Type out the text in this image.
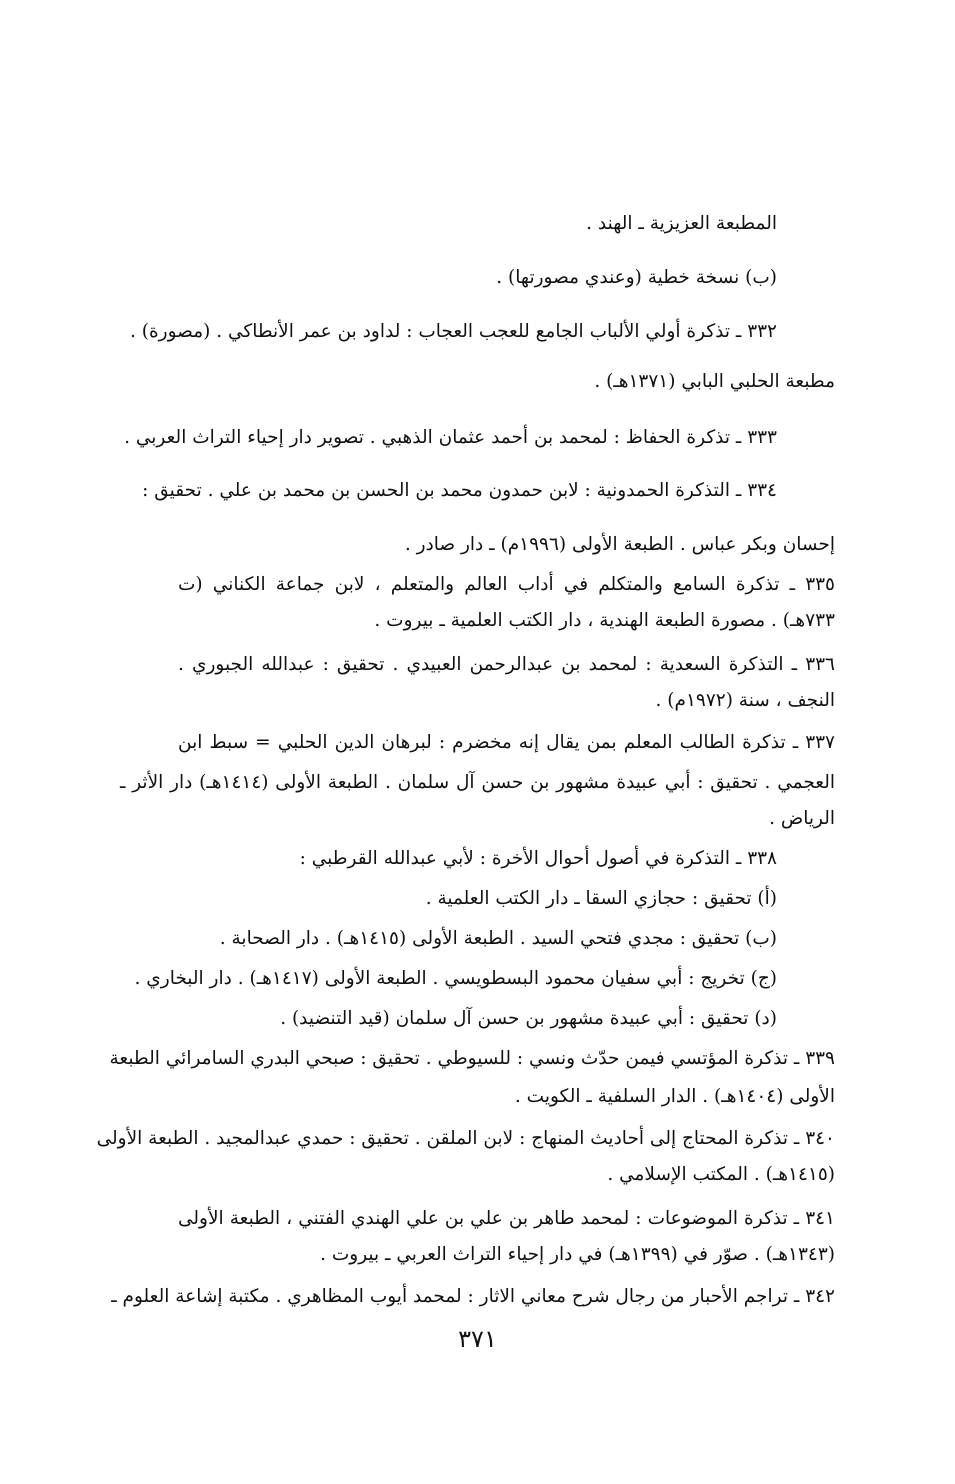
المطبعة العزيزية ـ الهند .
(ب) نسخة خطية (وعندي مصورتها) .
٣٣٢ ـ تذكرة أولي الألباب الجامع للعجب العجاب : لداود بن عمر الأنطاكي . (مصورة) .
مطبعة الحلبي البابي (١٣٧١هـ) .
٣٣٣ ـ تذكرة الحفاظ : لمحمد بن أحمد عثمان الذهبي . تصوير دار إحياء التراث العربي .
٣٣٤ ـ التذكرة الحمدونية : لابن حمدون محمد بن الحسن بن محمد بن علي . تحقيق :
إحسان وبكر عباس . الطبعة الأولى (١٩٩٦م) ـ دار صادر .
٣٣٥ ـ تذكرة السامع والمتكلم في أداب العالم والمتعلم ، لابن جماعة الكناني (ت
٧٣٣هـ) . مصورة الطبعة الهندية ، دار الكتب العلمية ـ بيروت .
٣٣٦ ـ التذكرة السعدية : لمحمد بن عبدالرحمن العبيدي . تحقيق : عبدالله الجبوري .
النجف ، سنة (١٩٧٢م) .
٣٣٧ ـ تذكرة الطالب المعلم بمن يقال إنه مخضرم : لبرهان الدين الحلبي = سبط ابن
العجمي . تحقيق : أبي عبيدة مشهور بن حسن آل سلمان . الطبعة الأولى (١٤١٤هـ) دار الأثر ـ
الرياض .
٣٣٨ ـ التذكرة في أصول أحوال الأخرة : لأبي عبدالله القرطبي :
(أ) تحقيق : حجازي السقا ـ دار الكتب العلمية .
(ب) تحقيق : مجدي فتحي السيد . الطبعة الأولى (١٤١٥هـ) . دار الصحابة .
(ج) تخريج : أبي سفيان محمود البسطويسي . الطبعة الأولى (١٤١٧هـ) . دار البخاري .
(د) تحقيق : أبي عبيدة مشهور بن حسن آل سلمان (قيد التنضيد) .
٣٣٩ ـ تذكرة المؤتسي فيمن حدّث ونسي : للسيوطي . تحقيق : صبحي البدري السامرائي الطبعة
الأولى (١٤٠٤هـ) . الدار السلفية ـ الكويت .
٣٤٠ ـ تذكرة المحتاج إلى أحاديث المنهاج : لابن الملقن . تحقيق : حمدي عبدالمجيد . الطبعة الأولى
(١٤١٥هـ) . المكتب الإسلامي .
٣٤١ ـ تذكرة الموضوعات : لمحمد طاهر بن علي بن علي الهندي الفتني ، الطبعة الأولى
(١٣٤٣هـ) . صوّر في (١٣٩٩هـ) في دار إحياء التراث العربي ـ بيروت .
٣٤٢ ـ تراجم الأحبار من رجال شرح معاني الاثار : لمحمد أيوب المظاهري . مكتبة إشاعة العلوم ـ
٣٧١
